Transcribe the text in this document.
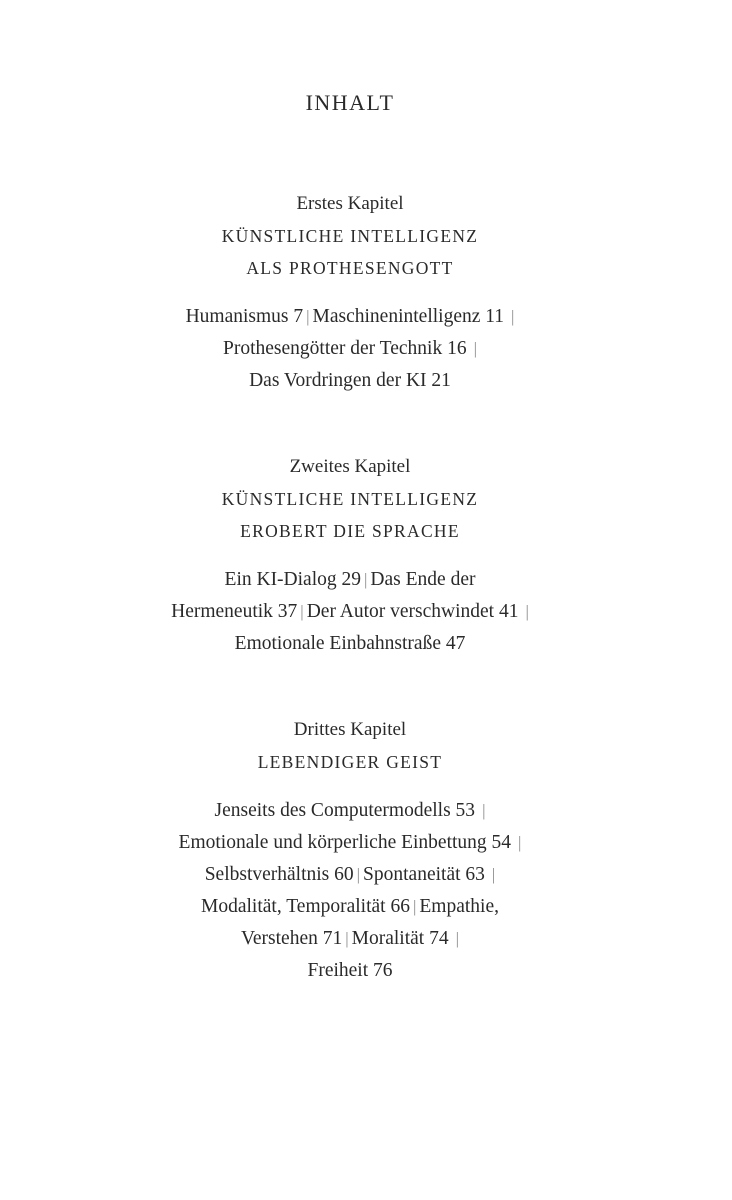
INHALT
Erstes Kapitel
KÜNSTLICHE INTELLIGENZ
ALS PROTHESENGOTT
Humanismus 7 | Maschinenintelligenz 11 |
Prothesengötter der Technik 16 |
Das Vordringen der KI 21
Zweites Kapitel
KÜNSTLICHE INTELLIGENZ
EROBERT DIE SPRACHE
Ein KI-Dialog 29 | Das Ende der
Hermeneutik 37 | Der Autor verschwindet 41 |
Emotionale Einbahnstraße 47
Drittes Kapitel
LEBENDIGER GEIST
Jenseits des Computermodells 53 |
Emotionale und körperliche Einbettung 54 |
Selbstverhältnis 60 | Spontaneität 63 |
Modalität, Temporalität 66 | Empathie,
Verstehen 71 | Moralität 74 |
Freiheit 76
